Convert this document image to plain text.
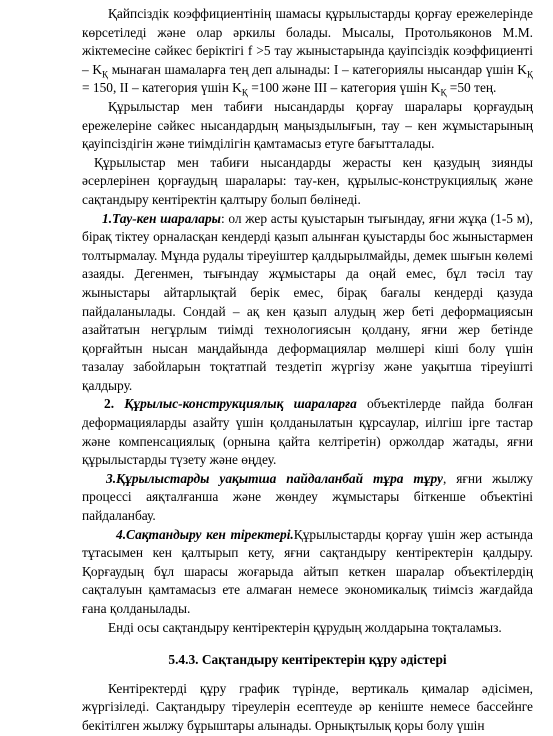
Қайпсіздік коэффициентінің шамасы құрылыстарды қорғау ережелерінде көрсетіледі және олар әркилы болады. Мысалы, Протольяконов М.М. жіктемесіне сәйкес беріктігі f >5 тау жыныстарында қауіпсіздік коэффициенті – $K_Қ$ мынаған шамаларға тең деп алынады: І – категориялы нысандар үшін $K_Қ = 150$, ІІ – категория үшін $K_Қ =100$ және ІІІ – категория үшін $K_Қ =50$ тең.

Құрылыстар мен табиғи нысандарды қорғау шаралары қорғаудың ережелеріне сәйкес нысандардың маңыздылығын, тау – кен жұмыстарының қауіпсіздігін және тиімділігін қамтамасыз етуге бағытталады.

Құрылыстар мен табиғи нысандарды жерасты кен қазудың зиянды әсерлерінен қорғаудың шаралары: тау-кен, құрылыс-конструкциялық және сақтандыру кентіректін қалтыру болып бөлінеді.

1.Тау-кен шаралары: ол жер асты қуыстарын тығындау, яғни жұқа (1-5 м), бірақ тіктеу орналасқан кендерді қазып алынған қуыстарды бос жыныстармен толтырмалау. Мұнда рудалы тіреуіштер қалдырылмайды, демек шығын көлемі азаяды. Дегенмен, тығындау жұмыстары да оңай емес, бұл тәсіл тау жыныстары айтарлықтай берік емес, бірақ бағалы кендерді қазуда пайдаланылады. Сондай – ақ кен қазып алудың жер беті деформациясын азайтатын негұрлым тиімді технологиясын қолдану, яғни жер бетінде қорғайтын нысан маңдайында деформациялар мөлшері кіші болу үшін тазалау забойларын тоқтатпай тездетіп жүргізу және уақытша тіреуішті қалдыру.

2. Құрылыс-конструкциялық шараларға объектілерде пайда болған деформацияларды азайту үшін қолданылатын құрсаулар, иілгіш ірге тастар және компенсациялық (орнына қайта келтіретін) оржолдар жатады, яғни құрылыстарды түзету және өңдеу.

3.Құрылыстарды уақытша пайдаланбай тұра тұру, яғни жылжу процессі аяқталғанша және жөндеу жұмыстары біткенше объектіні пайдаланбау.

4.Сақтандыру кен тіректері.Құрылыстарды қорғау үшін жер астында тұтасымен кен қалтырып кету, яғни сақтандыру кентіректерін қалдыру. Қорғаудың бұл шарасы жоғарыда айтып кеткен шаралар объектілердің сақталуын қамтамасыз ете алмаған немесе экономикалық тиімсіз жағдайда ғана қолданылады.

Енді осы сақтандыру кентіректерін құрудың жолдарына тоқталамыз.

5.4.3. Сақтандыру кентіректерін құру әдістері

Кентіректерді құру график түрінде, вертикаль қималар әдісімен, жүргізіледі. Сақтандыру тіреулерін есептеуде әр кеніште немесе бассейнге бекітілген жылжу бұрыштары алынады. Орнықтылық қоры болу үшін
